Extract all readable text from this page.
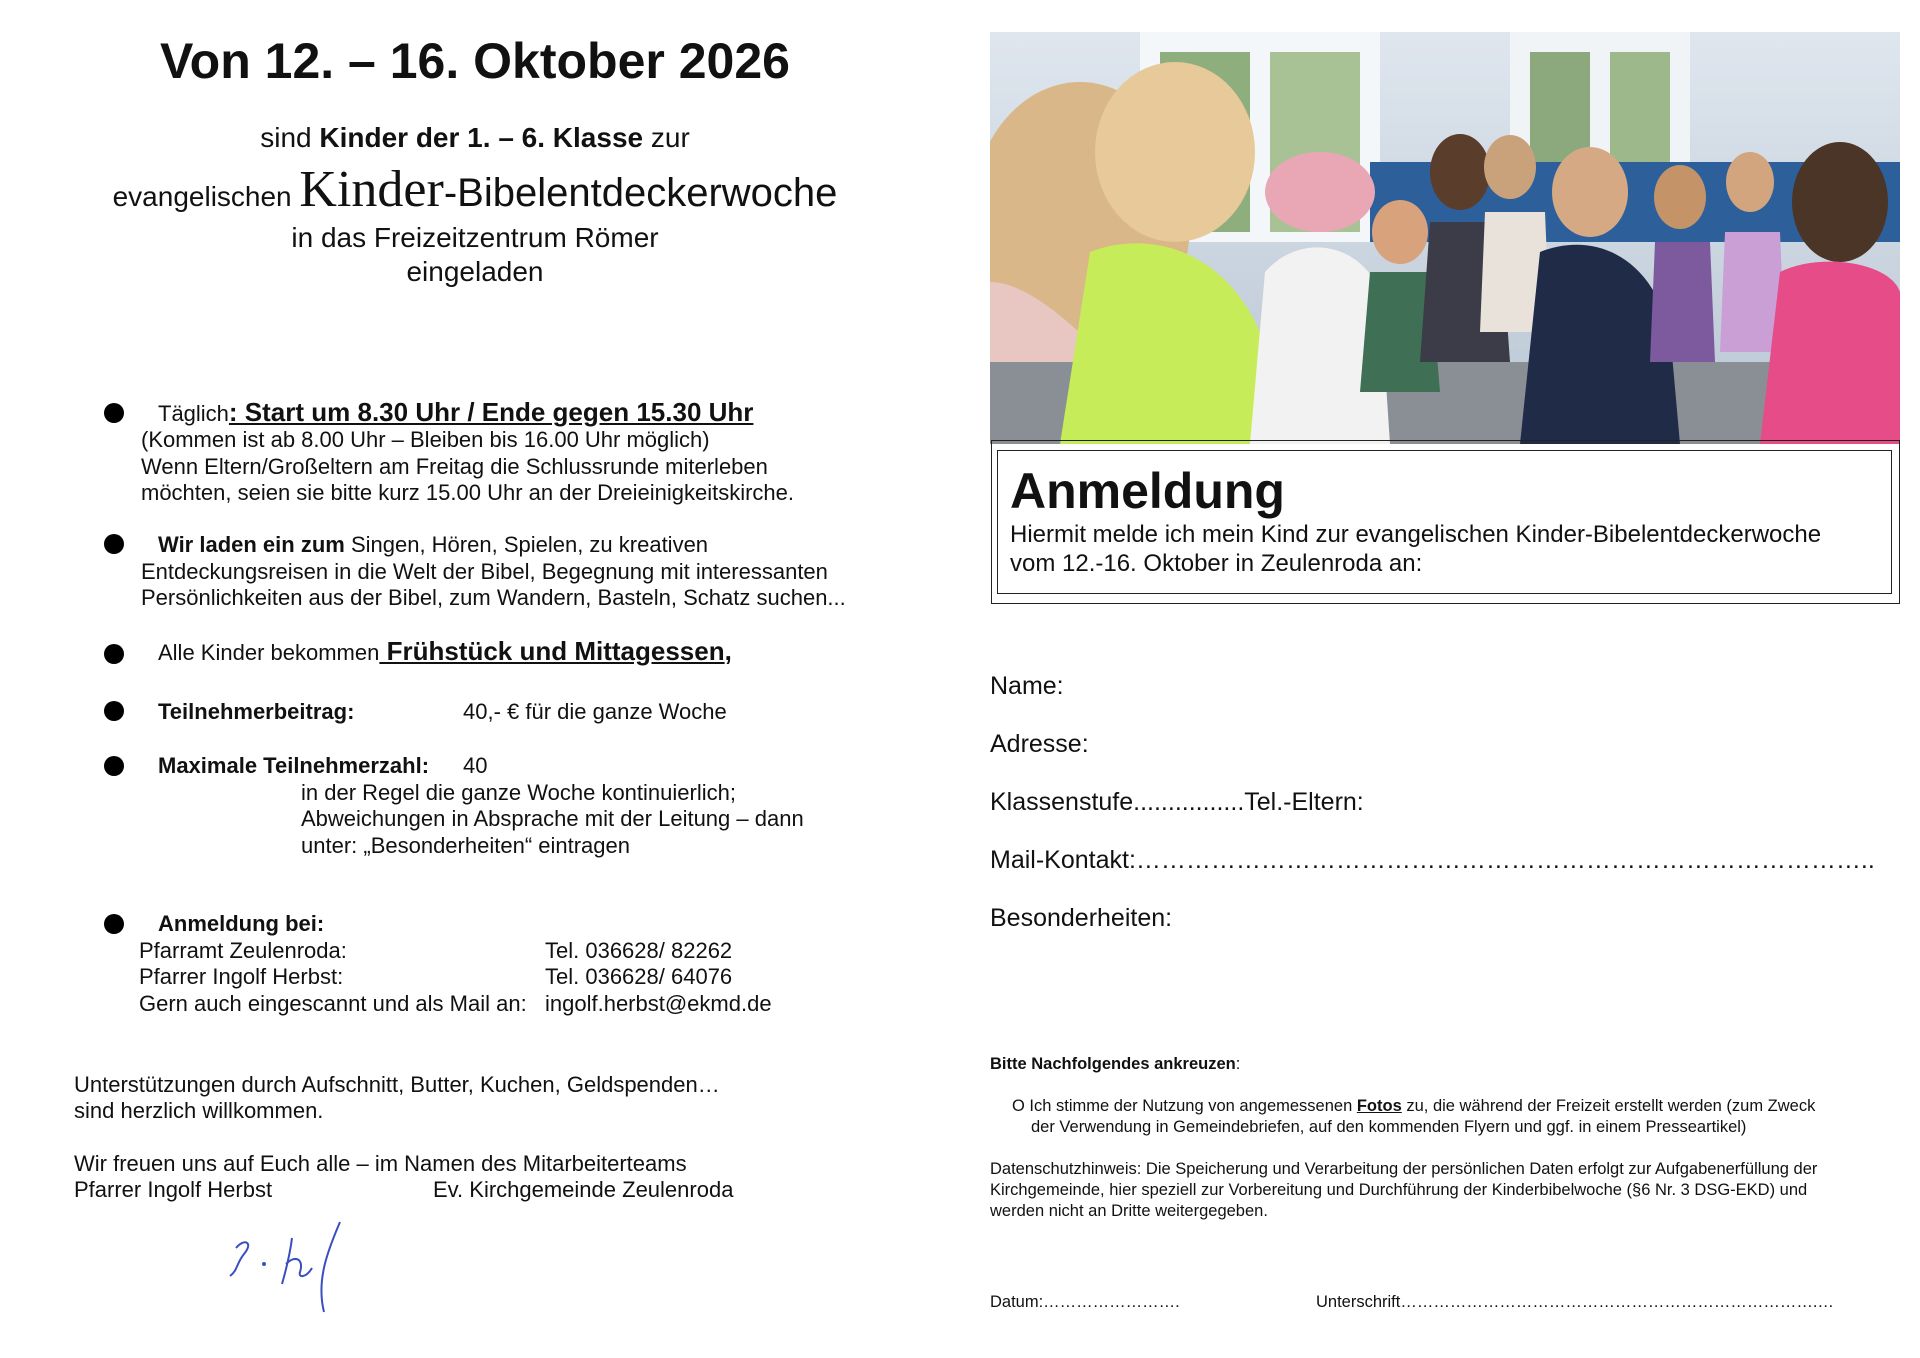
Von 12. – 16. Oktober 2026
sind Kinder der 1. – 6. Klasse zur
evangelischen Kinder-Bibelentdeckerwoche
in das Freizeitzentrum Römer
eingeladen
Täglich: Start um 8.30 Uhr / Ende gegen 15.30 Uhr
(Kommen ist ab 8.00 Uhr – Bleiben bis 16.00 Uhr möglich)
Wenn Eltern/Großeltern am Freitag die Schlussrunde miterleben
möchten, seien sie bitte kurz 15.00 Uhr an der Dreieinigkeitskirche.
Wir laden ein zum Singen, Hören, Spielen, zu kreativen
Entdeckungsreisen in die Welt der Bibel, Begegnung mit interessanten
Persönlichkeiten aus der Bibel, zum Wandern, Basteln, Schatz suchen...
Alle Kinder bekommen Frühstück und Mittagessen,
Teilnehmerbeitrag:	40,- € für die ganze Woche
Maximale Teilnehmerzahl: 40
in der Regel die ganze Woche kontinuierlich;
Abweichungen in Absprache mit der Leitung – dann
unter: „Besonderheiten“ eintragen
Anmeldung bei:
Pfarramt Zeulenroda:	Tel. 036628/ 82262
Pfarrer Ingolf Herbst:	Tel. 036628/ 64076
Gern auch eingescannt und als Mail an: ingolf.herbst@ekmd.de
Unterstützungen durch Aufschnitt, Butter, Kuchen, Geldspenden…
sind herzlich willkommen.
Wir freuen uns auf Euch alle – im Namen des Mitarbeiterteams
Pfarrer Ingolf Herbst	Ev. Kirchgemeinde Zeulenroda
Anmeldung
Hiermit melde ich mein Kind zur evangelischen Kinder-Bibelentdeckerwoche
vom 12.-16. Oktober in Zeulenroda an:
Name:
Adresse:
Klassenstufe................Tel.-Eltern:
Mail-Kontakt:……………………………………………………………………………..
Besonderheiten:
Bitte Nachfolgendes ankreuzen:
O Ich stimme der Nutzung von angemessenen Fotos zu, die während der Freizeit erstellt werden (zum Zweck
der Verwendung in Gemeindebriefen, auf den kommenden Flyern und ggf. in einem Presseartikel)
Datenschutzhinweis: Die Speicherung und Verarbeitung der persönlichen Daten erfolgt zur Aufgabenerfüllung der
Kirchgemeinde, hier speziell zur Vorbereitung und Durchführung der Kinderbibelwoche (§6 Nr. 3 DSG-EKD) und
werden nicht an Dritte weitergegeben.
Datum:…………………….	Unterschrift………………………………………………………………….…
